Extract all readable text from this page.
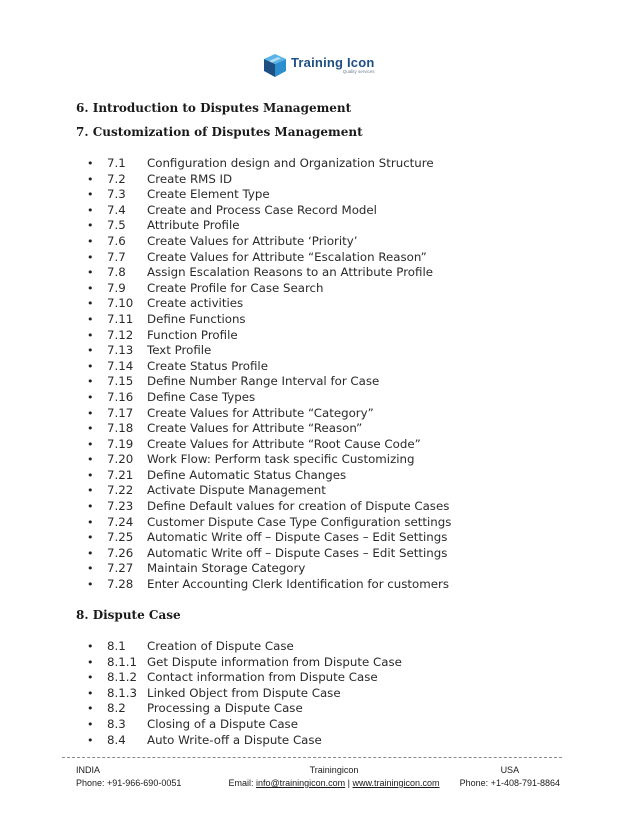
Training Icon
Quality services
6. Introduction to Disputes Management
7. Customization of Disputes Management
• 7.1 Configuration design and Organization Structure
• 7.2 Create RMS ID
• 7.3 Create Element Type
• 7.4 Create and Process Case Record Model
• 7.5 Attribute Profile
• 7.6 Create Values for Attribute ‘Priority’
• 7.7 Create Values for Attribute “Escalation Reason”
• 7.8 Assign Escalation Reasons to an Attribute Profile
• 7.9 Create Profile for Case Search
• 7.10 Create activities
• 7.11 Define Functions
• 7.12 Function Profile
• 7.13 Text Profile
• 7.14 Create Status Profile
• 7.15 Define Number Range Interval for Case
• 7.16 Define Case Types
• 7.17 Create Values for Attribute “Category”
• 7.18 Create Values for Attribute “Reason”
• 7.19 Create Values for Attribute “Root Cause Code”
• 7.20 Work Flow: Perform task specific Customizing
• 7.21 Define Automatic Status Changes
• 7.22 Activate Dispute Management
• 7.23 Define Default values for creation of Dispute Cases
• 7.24 Customer Dispute Case Type Configuration settings
• 7.25 Automatic Write off – Dispute Cases – Edit Settings
• 7.26 Automatic Write off – Dispute Cases – Edit Settings
• 7.27 Maintain Storage Category
• 7.28 Enter Accounting Clerk Identification for customers
8. Dispute Case
• 8.1 Creation of Dispute Case
• 8.1.1 Get Dispute information from Dispute Case
• 8.1.2 Contact information from Dispute Case
• 8.1.3 Linked Object from Dispute Case
• 8.2 Processing a Dispute Case
• 8.3 Closing of a Dispute Case
• 8.4 Auto Write-off a Dispute Case
INDIA
Phone: +91-966-690-0051
Trainingicon
Email: info@trainingicon.com | www.trainingicon.com
USA
Phone: +1-408-791-8864
